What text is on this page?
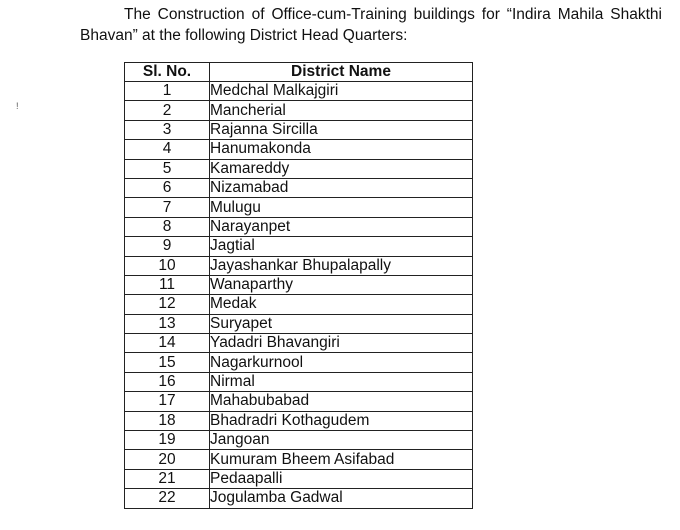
The Construction of Office-cum-Training buildings for “Indira Mahila Shakthi Bhavan” at the following District Head Quarters:
!
Sl. No.	District Name
1	Medchal Malkajgiri
2	Mancherial
3	Rajanna Sircilla
4	Hanumakonda
5	Kamareddy
6	Nizamabad
7	Mulugu
8	Narayanpet
9	Jagtial
10	Jayashankar Bhupalapally
11	Wanaparthy
12	Medak
13	Suryapet
14	Yadadri Bhavangiri
15	Nagarkurnool
16	Nirmal
17	Mahabubabad
18	Bhadradri Kothagudem
19	Jangoan
20	Kumuram Bheem Asifabad
21	Pedaapalli
22	Jogulamba Gadwal
